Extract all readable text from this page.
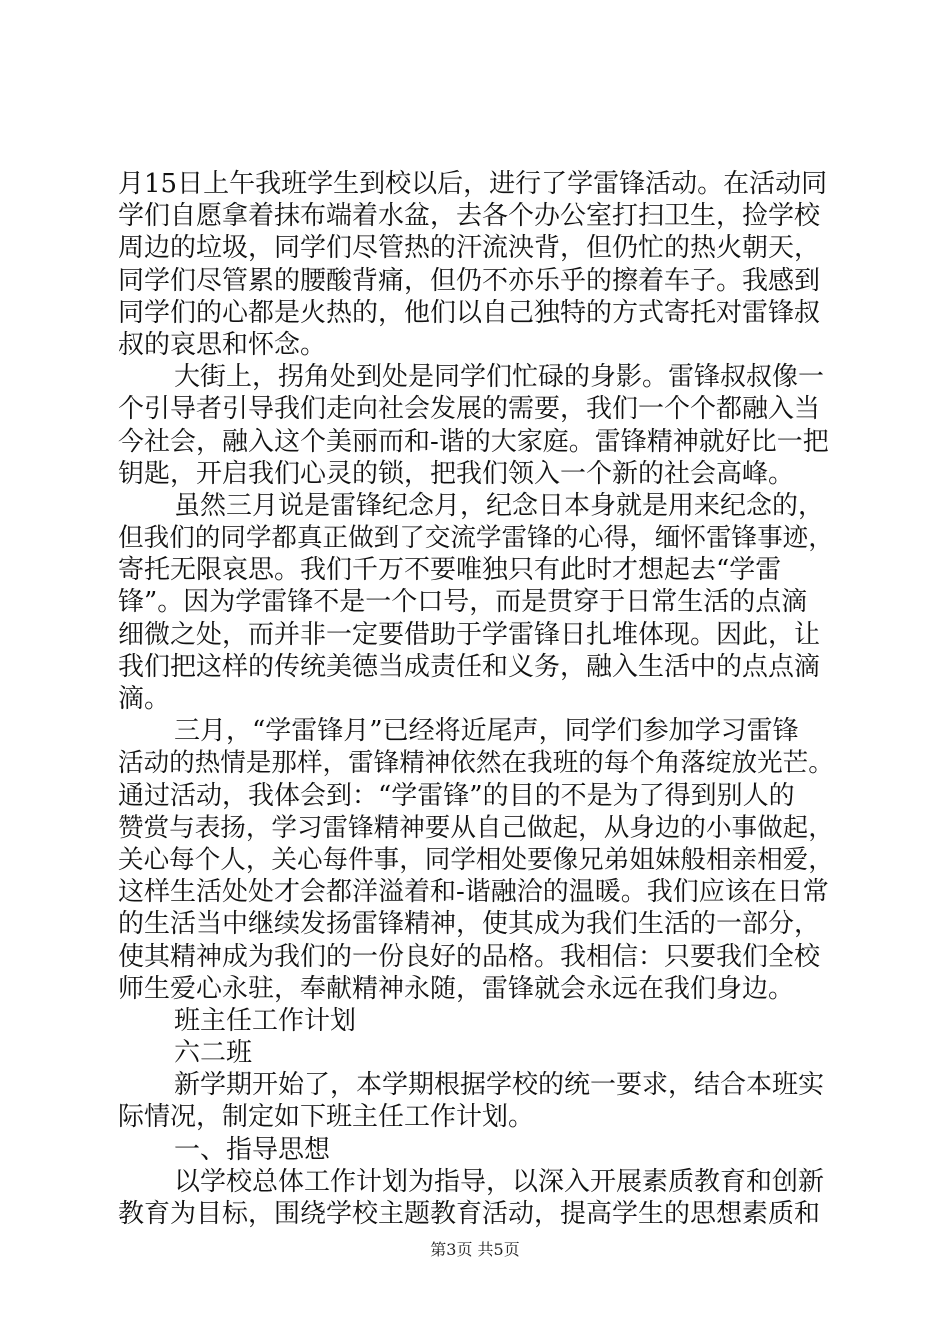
月15日上午我班学生到校以后，进行了学雷锋活动。在活动同
学们自愿拿着抹布端着水盆，去各个办公室打扫卫生，捡学校
周边的垃圾，同学们尽管热的汗流泱背，但仍忙的热火朝天，
同学们尽管累的腰酸背痛，但仍不亦乐乎的擦着车子。我感到
同学们的心都是火热的，他们以自己独特的方式寄托对雷锋叔
叔的哀思和怀念。
大街上，拐角处到处是同学们忙碌的身影。雷锋叔叔像一
个引导者引导我们走向社会发展的需要，我们一个个都融入当
今社会，融入这个美丽而和-谐的大家庭。雷锋精神就好比一把
钥匙，开启我们心灵的锁，把我们领入一个新的社会高峰。
虽然三月说是雷锋纪念月，纪念日本身就是用来纪念的，
但我们的同学都真正做到了交流学雷锋的心得，缅怀雷锋事迹，
寄托无限哀思。我们千万不要唯独只有此时才想起去“学雷
锋”。因为学雷锋不是一个口号，而是贯穿于日常生活的点滴
细微之处，而并非一定要借助于学雷锋日扎堆体现。因此，让
我们把这样的传统美德当成责任和义务，融入生活中的点点滴
滴。
三月，“学雷锋月”已经将近尾声，同学们参加学习雷锋
活动的热情是那样，雷锋精神依然在我班的每个角落绽放光芒。
通过活动，我体会到：“学雷锋”的目的不是为了得到别人的
赞赏与表扬，学习雷锋精神要从自己做起，从身边的小事做起，
关心每个人，关心每件事，同学相处要像兄弟姐妹般相亲相爱，
这样生活处处才会都洋溢着和-谐融洽的温暖。我们应该在日常
的生活当中继续发扬雷锋精神，使其成为我们生活的一部分，
使其精神成为我们的一份良好的品格。我相信：只要我们全校
师生爱心永驻，奉献精神永随，雷锋就会永远在我们身边。
班主任工作计划
六二班
新学期开始了，本学期根据学校的统一要求，结合本班实
际情况，制定如下班主任工作计划。
一、指导思想
以学校总体工作计划为指导，以深入开展素质教育和创新
教育为目标，围绕学校主题教育活动，提高学生的思想素质和
第3页 共5页
